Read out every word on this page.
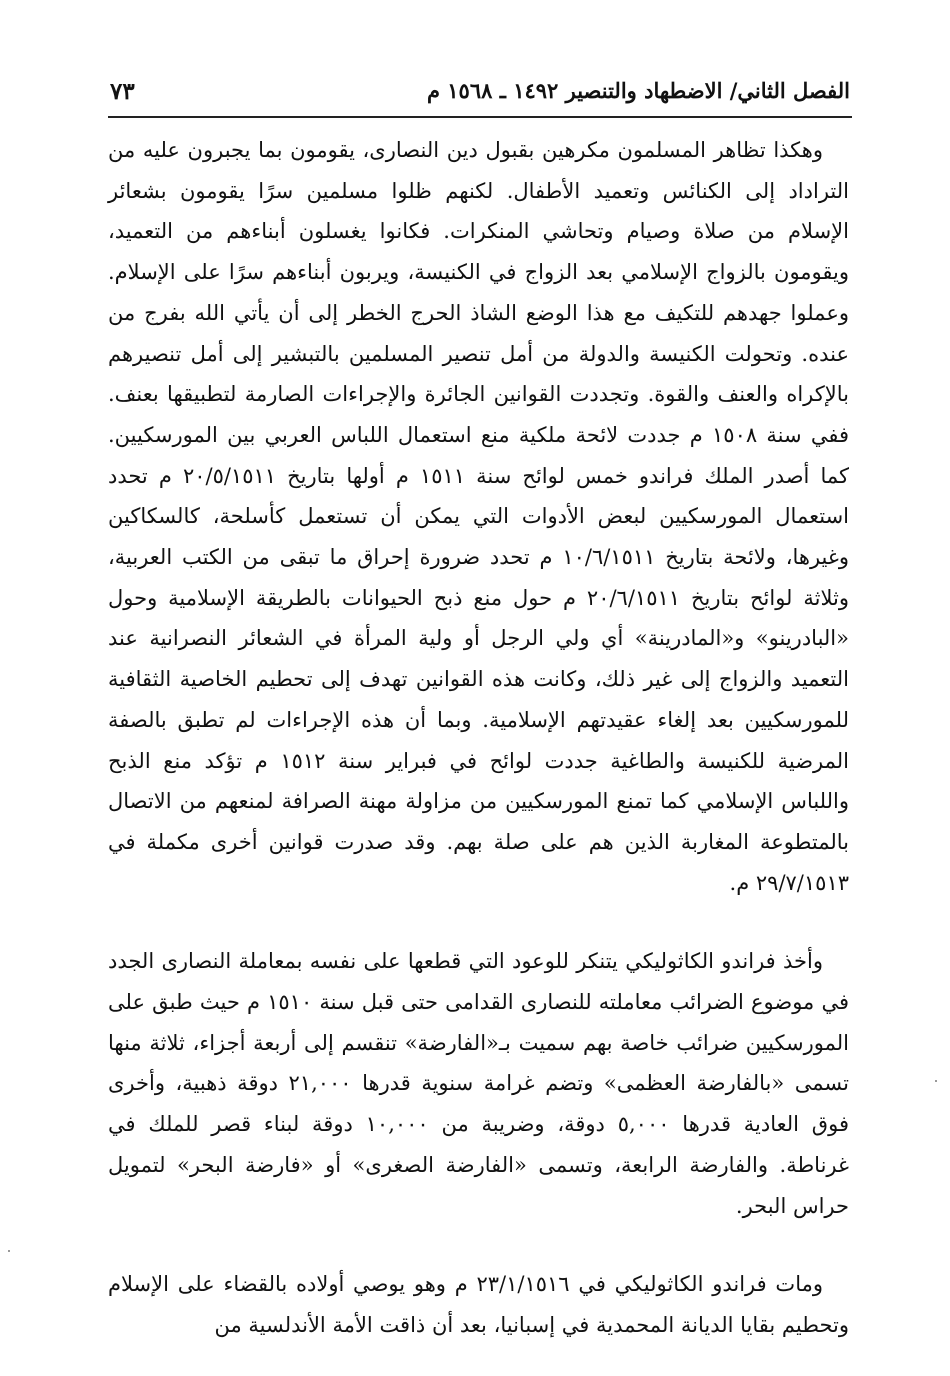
الفصل الثاني/ الاضطهاد والتنصير ١٤٩٢ ـ ١٥٦٨ م
٧٣

وهكذا تظاهر المسلمون مكرهين بقبول دين النصارى، يقومون بما يجبرون عليه من التراداد إلى الكنائس وتعميد الأطفال. لكنهم ظلوا مسلمين سرًا يقومون بشعائر الإسلام من صلاة وصيام وتحاشي المنكرات. فكانوا يغسلون أبناءهم من التعميد، ويقومون بالزواج الإسلامي بعد الزواج في الكنيسة، ويربون أبناءهم سرًا على الإسلام. وعملوا جهدهم للتكيف مع هذا الوضع الشاذ الحرج الخطر إلى أن يأتي الله بفرج من عنده. وتحولت الكنيسة والدولة من أمل تنصير المسلمين بالتبشير إلى أمل تنصيرهم بالإكراه والعنف والقوة. وتجددت القوانين الجائرة والإجراءات الصارمة لتطبيقها بعنف. ففي سنة ١٥٠٨ م جددت لائحة ملكية منع استعمال اللباس العربي بين المورسكيين. كما أصدر الملك فراندو خمس لوائح سنة ١٥١١ م أولها بتاريخ ٢٠/٥/١٥١١ م تحدد استعمال المورسكيين لبعض الأدوات التي يمكن أن تستعمل كأسلحة، كالسكاكين وغيرها، ولائحة بتاريخ ١٠/٦/١٥١١ م تحدد ضرورة إحراق ما تبقى من الكتب العربية، وثلاثة لوائح بتاريخ ٢٠/٦/١٥١١ م حول منع ذبح الحيوانات بالطريقة الإسلامية وحول «البادرينو» و«المادرينة» أي ولي الرجل أو ولية المرأة في الشعائر النصرانية عند التعميد والزواج إلى غير ذلك، وكانت هذه القوانين تهدف إلى تحطيم الخاصية الثقافية للمورسكيين بعد إلغاء عقيدتهم الإسلامية. وبما أن هذه الإجراءات لم تطبق بالصفة المرضية للكنيسة والطاغية جددت لوائح في فبراير سنة ١٥١٢ م تؤكد منع الذبح واللباس الإسلامي كما تمنع المورسكيين من مزاولة مهنة الصرافة لمنعهم من الاتصال بالمتطوعة المغاربة الذين هم على صلة بهم. وقد صدرت قوانين أخرى مكملة في ٢٩/٧/١٥١٣ م.

وأخذ فراندو الكاثوليكي يتنكر للوعود التي قطعها على نفسه بمعاملة النصارى الجدد في موضوع الضرائب معاملته للنصارى القدامى حتى قبل سنة ١٥١٠ م حيث طبق على المورسكيين ضرائب خاصة بهم سميت بـ«الفارضة» تنقسم إلى أربعة أجزاء، ثلاثة منها تسمى «بالفارضة العظمى» وتضم غرامة سنوية قدرها ٢١,٠٠٠ دوقة ذهبية، وأخرى فوق العادية قدرها ٥,٠٠٠ دوقة، وضريبة من ١٠,٠٠٠ دوقة لبناء قصر للملك في غرناطة. والفارضة الرابعة، وتسمى «الفارضة الصغرى» أو «فارضة البحر» لتمويل حراس البحر.

ومات فراندو الكاثوليكي في ٢٣/١/١٥١٦ م وهو يوصي أولاده بالقضاء على الإسلام وتحطيم بقايا الديانة المحمدية في إسبانيا، بعد أن ذاقت الأمة الأندلسية من
